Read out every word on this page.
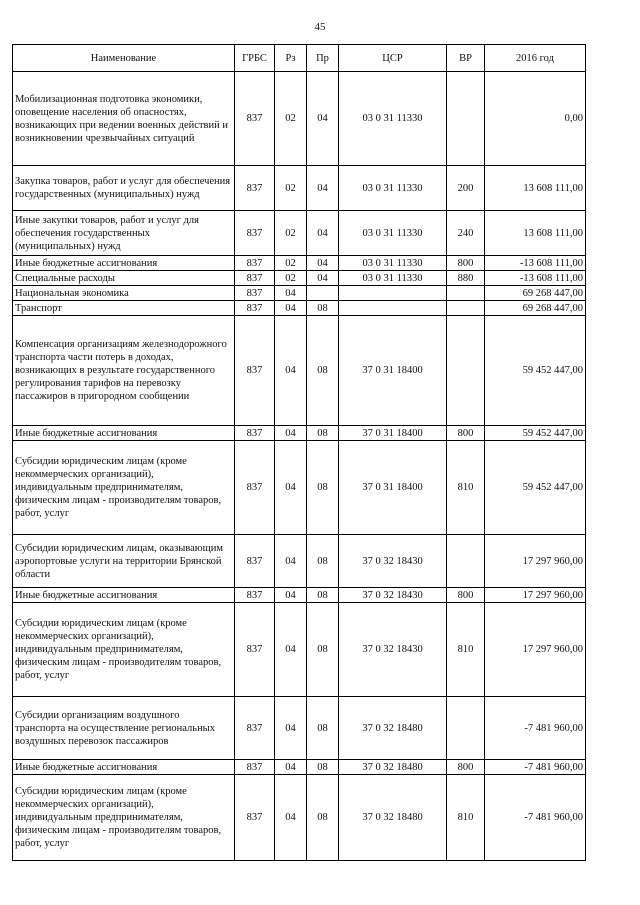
45
Наименование	ГРБС	Рз	Пр	ЦСР	ВР	2016 год
Мобилизационная подготовка экономики, оповещение населения об опасностях, возникающих при ведении военных действий и возникновении чрезвычайных ситуаций	837	02	04	03 0 31 11330		0,00
Закупка товаров, работ и услуг для обеспечения государственных (муниципальных) нужд	837	02	04	03 0 31 11330	200	13 608 111,00
Иные закупки товаров, работ и услуг для обеспечения государственных (муниципальных) нужд	837	02	04	03 0 31 11330	240	13 608 111,00
Иные бюджетные ассигнования	837	02	04	03 0 31 11330	800	-13 608 111,00
Специальные расходы	837	02	04	03 0 31 11330	880	-13 608 111,00
Национальная экономика	837	04				69 268 447,00
Транспорт	837	04	08			69 268 447,00
Компенсация организациям железнодорожного транспорта части потерь в доходах, возникающих в результате государственного регулирования тарифов на перевозку пассажиров в пригородном сообщении	837	04	08	37 0 31 18400		59 452 447,00
Иные бюджетные ассигнования	837	04	08	37 0 31 18400	800	59 452 447,00
Субсидии юридическим лицам (кроме некоммерческих организаций), индивидуальным предпринимателям, физическим лицам - производителям товаров, работ, услуг	837	04	08	37 0 31 18400	810	59 452 447,00
Субсидии юридическим лицам, оказывающим аэропортовые услуги на территории Брянской области	837	04	08	37 0 32 18430		17 297 960,00
Иные бюджетные ассигнования	837	04	08	37 0 32 18430	800	17 297 960,00
Субсидии юридическим лицам (кроме некоммерческих организаций), индивидуальным предпринимателям, физическим лицам - производителям товаров, работ, услуг	837	04	08	37 0 32 18430	810	17 297 960,00
Субсидии организациям воздушного транспорта на осуществление региональных воздушных перевозок пассажиров	837	04	08	37 0 32 18480		-7 481 960,00
Иные бюджетные ассигнования	837	04	08	37 0 32 18480	800	-7 481 960,00
Субсидии юридическим лицам (кроме некоммерческих организаций), индивидуальным предпринимателям, физическим лицам - производителям товаров, работ, услуг	837	04	08	37 0 32 18480	810	-7 481 960,00
